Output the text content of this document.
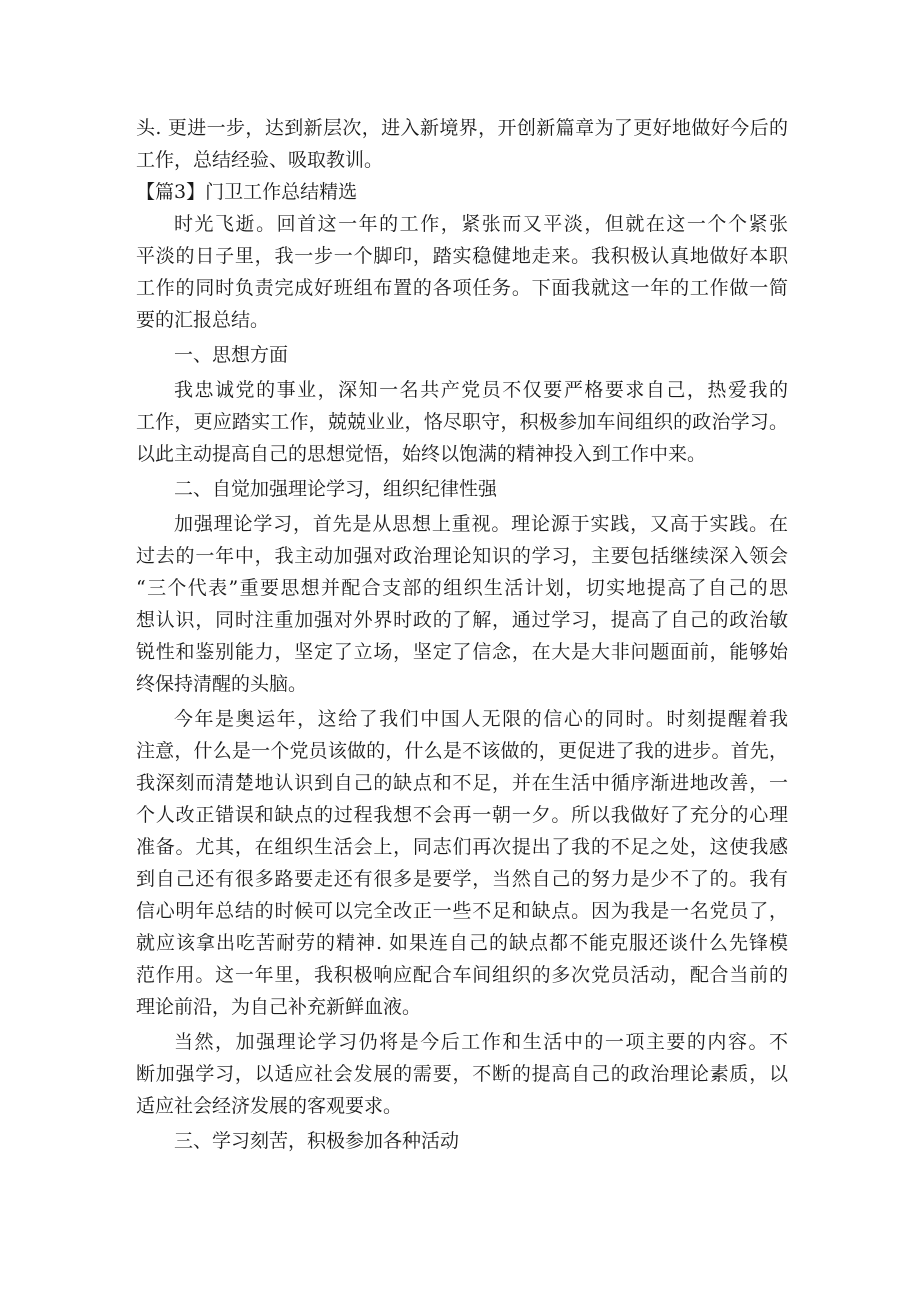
头. 更进一步，达到新层次，进入新境界，开创新篇章为了更好地做好今后的

工作，总结经验、吸取教训。

【篇3】门卫工作总结精选

时光飞逝。回首这一年的工作，紧张而又平淡，但就在这一个个紧张

平淡的日子里，我一步一个脚印，踏实稳健地走来。我积极认真地做好本职

工作的同时负责完成好班组布置的各项任务。下面我就这一年的工作做一简

要的汇报总结。

一、思想方面

我忠诚党的事业，深知一名共产党员不仅要严格要求自己，热爱我的

工作，更应踏实工作，兢兢业业，恪尽职守，积极参加车间组织的政治学习。

以此主动提高自己的思想觉悟，始终以饱满的精神投入到工作中来。

二、自觉加强理论学习，组织纪律性强

加强理论学习，首先是从思想上重视。理论源于实践，又高于实践。在

过去的一年中，我主动加强对政治理论知识的学习，主要包括继续深入领会

“三个代表”重要思想并配合支部的组织生活计划，切实地提高了自己的思

想认识，同时注重加强对外界时政的了解，通过学习，提高了自己的政治敏

锐性和鉴别能力，坚定了立场，坚定了信念，在大是大非问题面前，能够始

终保持清醒的头脑。

今年是奥运年，这给了我们中国人无限的信心的同时。时刻提醒着我

注意，什么是一个党员该做的，什么是不该做的，更促进了我的进步。首先，

我深刻而清楚地认识到自己的缺点和不足，并在生活中循序渐进地改善，一

个人改正错误和缺点的过程我想不会再一朝一夕。所以我做好了充分的心理

准备。尤其，在组织生活会上，同志们再次提出了我的不足之处，这使我感

到自己还有很多路要走还有很多是要学，当然自己的努力是少不了的。我有

信心明年总结的时候可以完全改正一些不足和缺点。因为我是一名党员了，

就应该拿出吃苦耐劳的精神. 如果连自己的缺点都不能克服还谈什么先锋模

范作用。这一年里，我积极响应配合车间组织的多次党员活动，配合当前的

理论前沿，为自己补充新鲜血液。

当然，加强理论学习仍将是今后工作和生活中的一项主要的内容。不

断加强学习，以适应社会发展的需要，不断的提高自己的政治理论素质，以

适应社会经济发展的客观要求。

三、学习刻苦，积极参加各种活动
